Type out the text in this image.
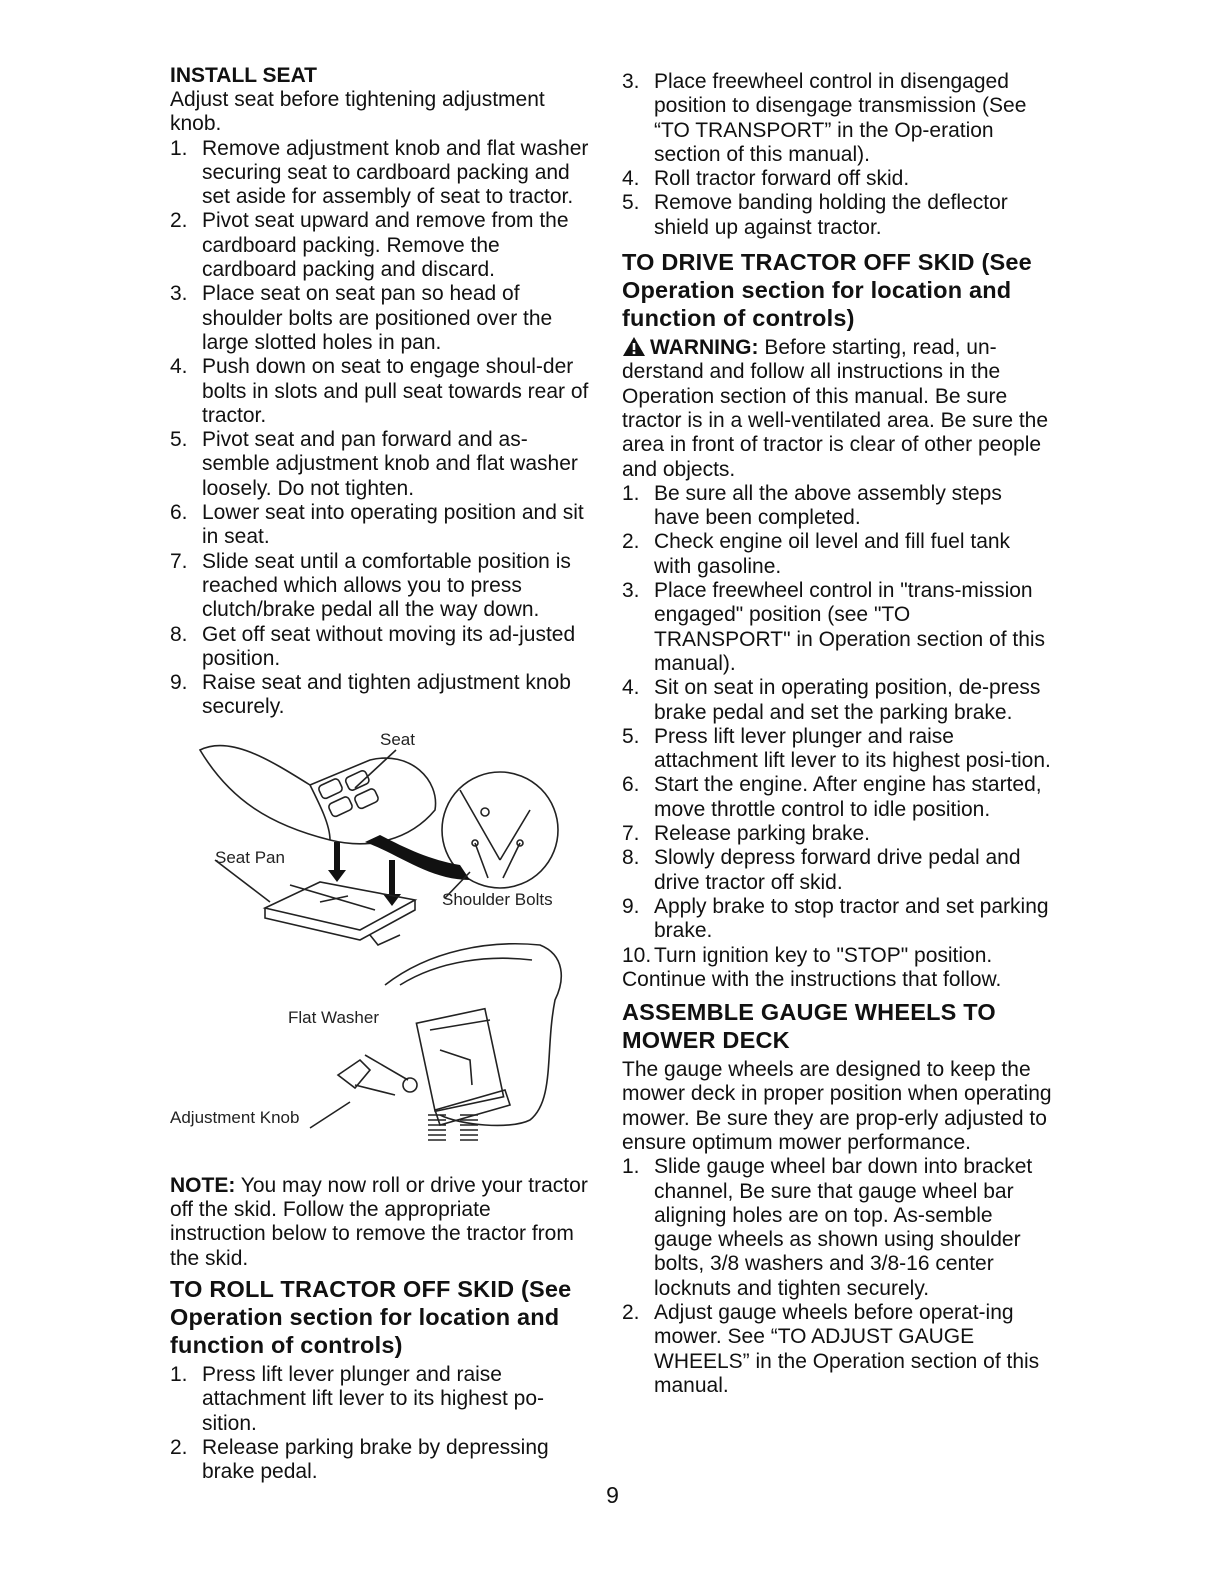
INSTALL SEAT

Adjust seat before tightening adjustment knob.

1. Remove adjustment knob and flat washer securing seat to cardboard packing and set aside for assembly of seat to tractor.
2. Pivot seat upward and remove from the cardboard packing. Remove the cardboard packing and discard.
3. Place seat on seat pan so head of shoulder bolts are positioned over the large slotted holes in pan.
4. Push down on seat to engage shoul-der bolts in slots and pull seat towards rear of tractor.
5. Pivot seat and pan forward and as-semble adjustment knob and flat washer loosely. Do not tighten.
6. Lower seat into operating position and sit in seat.
7. Slide seat until a comfortable position is reached which allows you to press clutch/brake pedal all the way down.
8. Get off seat without moving its ad-justed position.
9. Raise seat and tighten adjustment knob securely.
Seat
Seat Pan
Shoulder Bolts
Flat Washer
Adjustment Knob

NOTE: You may now roll or drive your tractor off the skid. Follow the appropriate instruction below to remove the tractor from the skid.

TO ROLL TRACTOR OFF SKID (See Operation section for location and function of controls)
1. Press lift lever plunger and raise attachment lift lever to its highest po-sition.
2. Release parking brake by depressing brake pedal.
3. Place freewheel control in disengaged position to disengage transmission (See “TO TRANSPORT” in the Op-eration section of this manual).
4. Roll tractor forward off skid.
5. Remove banding holding the deflector shield up against tractor.
TO DRIVE TRACTOR OFF SKID (See Operation section for location and function of controls)

WARNING: Before starting, read, un-derstand and follow all instructions in the Operation section of this manual. Be sure tractor is in a well-ventilated area. Be sure the area in front of tractor is clear of other people and objects.

1. Be sure all the above assembly steps have been completed.
2. Check engine oil level and fill fuel tank with gasoline.
3. Place freewheel control in "trans-mission engaged" position (see "TO TRANSPORT" in Operation section of this manual).
4. Sit on seat in operating position, de-press brake pedal and set the parking brake.
5. Press lift lever plunger and raise attachment lift lever to its highest posi-tion.
6. Start the engine. After engine has started, move throttle control to idle position.
7. Release parking brake.
8. Slowly depress forward drive pedal and drive tractor off skid.
9. Apply brake to stop tractor and set parking brake.
10. Turn ignition key to "STOP" position.

Continue with the instructions that follow.

ASSEMBLE GAUGE WHEELS TO MOWER DECK

The gauge wheels are designed to keep the mower deck in proper position when operating mower. Be sure they are prop-erly adjusted to ensure optimum mower performance.

1. Slide gauge wheel bar down into bracket channel, Be sure that gauge wheel bar aligning holes are on top. As-semble gauge wheels as shown using shoulder bolts, 3/8 washers and 3/8-16 center locknuts and tighten securely.
2. Adjust gauge wheels before operat-ing mower. See “TO ADJUST GAUGE WHEELS” in the Operation section of this manual.
9
